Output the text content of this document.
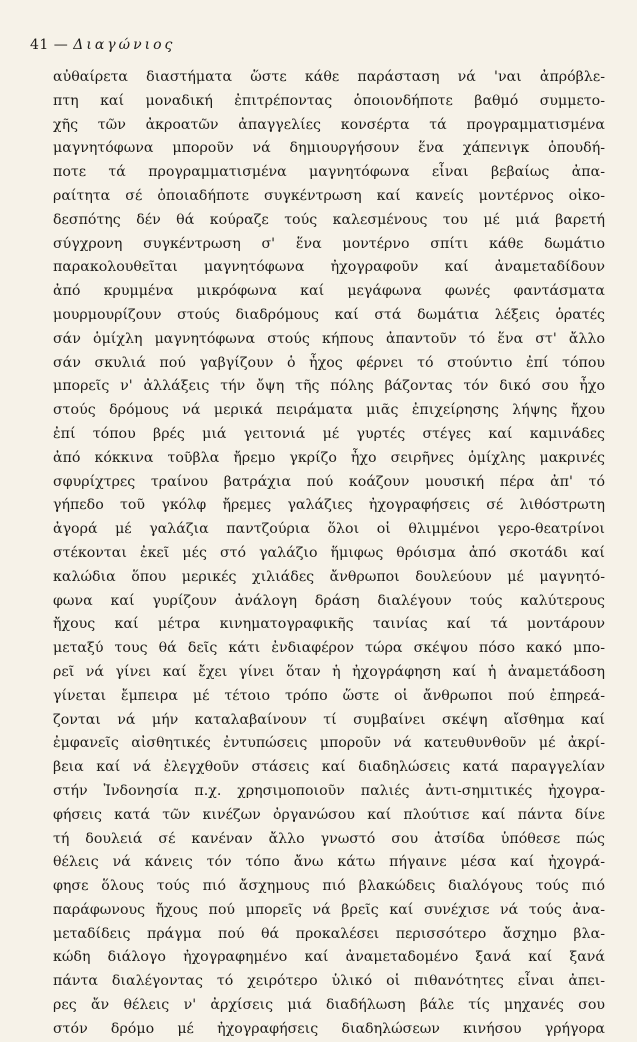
41 — Διαγώνιος
αὐθαίρετα διαστήματα ὥστε κάθε παράσταση νά 'ναι ἀπρόβλε-
πτη καί μοναδική ἐπιτρέποντας ὁποιονδήποτε βαθμό συμμετο-
χῆς τῶν ἀκροατῶν ἀπαγγελίες κονσέρτα τά προγραμματισμένα
μαγνητόφωνα μποροῦν νά δημιουργήσουν ἕνα χάπενιγκ ὁπουδή-
ποτε τά προγραμματισμένα μαγνητόφωνα εἶναι βεβαίως ἀπα-
ραίτητα σέ ὁποιαδήποτε συγκέντρωση καί κανείς μοντέρνος οἰκο-
δεσπότης δέν θά κούραζε τούς καλεσμένους του μέ μιά βαρετή
σύγχρονη συγκέντρωση σ' ἕνα μοντέρνο σπίτι κάθε δωμάτιο
παρακολουθεῖται μαγνητόφωνα ἠχογραφοῦν καί ἀναμεταδίδουν
ἀπό κρυμμένα μικρόφωνα καί μεγάφωνα φωνές φαντάσματα
μουρμουρίζουν στούς διαδρόμους καί στά δωμάτια λέξεις ὁρατές
σάν ὁμίχλη μαγνητόφωνα στούς κήπους ἀπαντοῦν τό ἕνα στ' ἄλλο
σάν σκυλιά πού γαβγίζουν ὁ ἦχος φέρνει τό στούντιο ἐπί τόπου
μπορεῖς ν' ἀλλάξεις τήν ὄψη τῆς πόλης βάζοντας τόν δικό σου ἦχο
στούς δρόμους νά μερικά πειράματα μιᾶς ἐπιχείρησης λήψης ἤχου
ἐπί τόπου βρές μιά γειτονιά μέ γυρτές στέγες καί καμινάδες
ἀπό κόκκινα τοῦβλα ἤρεμο γκρίζο ἦχο σειρῆνες ὁμίχλης μακρινές
σφυρίχτρες τραίνου βατράχια πού κοάζουν μουσική πέρα ἀπ' τό
γήπεδο τοῦ γκόλφ ἤρεμες γαλάζιες ἠχογραφήσεις σέ λιθόστρωτη
ἀγορά μέ γαλάζια παντζούρια ὅλοι οἱ θλιμμένοι γερο-θεατρίνοι
στέκονται ἐκεῖ μές στό γαλάζιο ἥμιφως θρόισμα ἀπό σκοτάδι καί
καλώδια ὅπου μερικές χιλιάδες ἄνθρωποι δουλεύουν μέ μαγνητό-
φωνα καί γυρίζουν ἀνάλογη δράση διαλέγουν τούς καλύτερους
ἤχους καί μέτρα κινηματογραφικῆς ταινίας καί τά μοντάρουν
μεταξύ τους θά δεῖς κάτι ἐνδιαφέρον τώρα σκέψου πόσο κακό μπο-
ρεῖ νά γίνει καί ἔχει γίνει ὅταν ἡ ἠχογράφηση καί ἡ ἀναμετάδοση
γίνεται ἔμπειρα μέ τέτοιο τρόπο ὥστε οἱ ἄνθρωποι πού ἐπηρεά-
ζονται νά μήν καταλαβαίνουν τί συμβαίνει σκέψη αἴσθημα καί
ἐμφανεῖς αἰσθητικές ἐντυπώσεις μποροῦν νά κατευθυνθοῦν μέ ἀκρί-
βεια καί νά ἐλεγχθοῦν στάσεις καί διαδηλώσεις κατά παραγγελίαν
στήν Ἰνδονησία π.χ. χρησιμοποιοῦν παλιές ἀντι-σημιτικές ἠχογρα-
φήσεις κατά τῶν κινέζων ὀργανώσου καί πλούτισε καί πάντα δίνε
τή δουλειά σέ κανέναν ἄλλο γνωστό σου ἀτσίδα ὑπόθεσε πώς
θέλεις νά κάνεις τόν τόπο ἄνω κάτω πήγαινε μέσα καί ἠχογρά-
φησε ὅλους τούς πιό ἄσχημους πιό βλακώδεις διαλόγους τούς πιό
παράφωνους ἤχους πού μπορεῖς νά βρεῖς καί συνέχισε νά τούς ἀνα-
μεταδίδεις πράγμα πού θά προκαλέσει περισσότερο ἄσχημο βλα-
κώδη διάλογο ἠχογραφημένο καί ἀναμεταδομένο ξανά καί ξανά
πάντα διαλέγοντας τό χειρότερο ὑλικό οἱ πιθανότητες εἶναι ἀπει-
ρες ἄν θέλεις ν' ἀρχίσεις μιά διαδήλωση βάλε τίς μηχανές σου
στόν δρόμο μέ ἠχογραφήσεις διαδηλώσεων κινήσου γρήγορα
